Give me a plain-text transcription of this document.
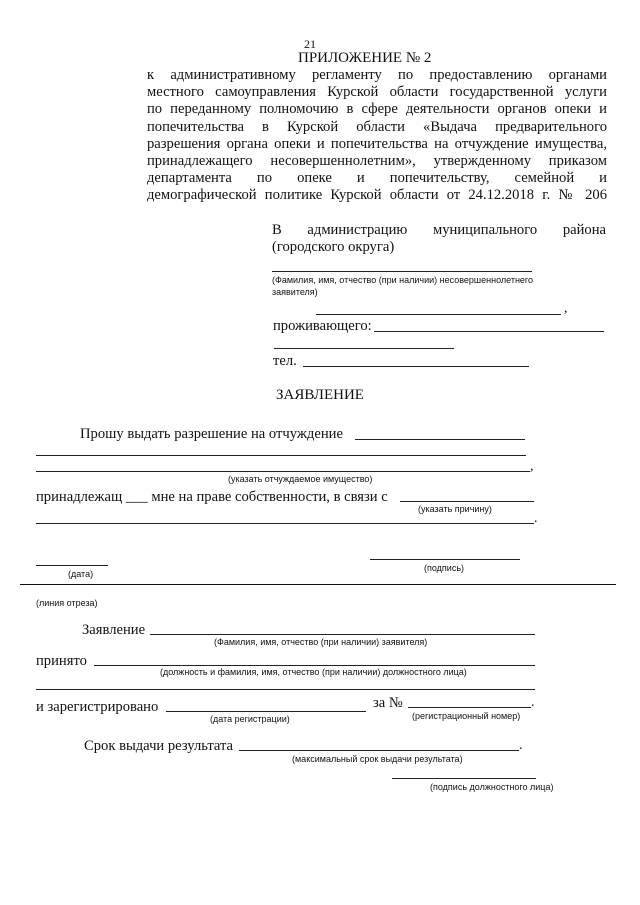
21
ПРИЛОЖЕНИЕ № 2
к административному регламенту по предоставлению органами
местного самоуправления Курской области государственной услуги
по переданному полномочию в сфере деятельности органов опеки и
попечительства в Курской области «Выдача предварительного
разрешения органа опеки и попечительства на отчуждение имущества,
принадлежащего несовершеннолетним», утвержденному приказом
департамента по опеке и попечительству, семейной и
демографической политике Курской области от 24.12.2018 г. № 206
В администрацию муниципального района
(городского округа)
(Фамилия, имя, отчество (при наличии) несовершеннолетнего
заявителя)
,
проживающего:
тел.
ЗАЯВЛЕНИЕ
Прошу выдать разрешение на отчуждение
,
(указать отчуждаемое имущество)
принадлежащ ___ мне на праве собственности, в связи с
(указать причину)
.
(дата)
(подпись)
(линия отреза)
Заявление
(Фамилия, имя, отчество (при наличии) заявителя)
принято
(должность и фамилия, имя, отчество (при наличии) должностного лица)
и зарегистрировано	за №	.
(дата регистрации)	(регистрационный номер)
Срок выдачи результата	.
(максимальный срок выдачи результата)
(подпись должностного лица)
